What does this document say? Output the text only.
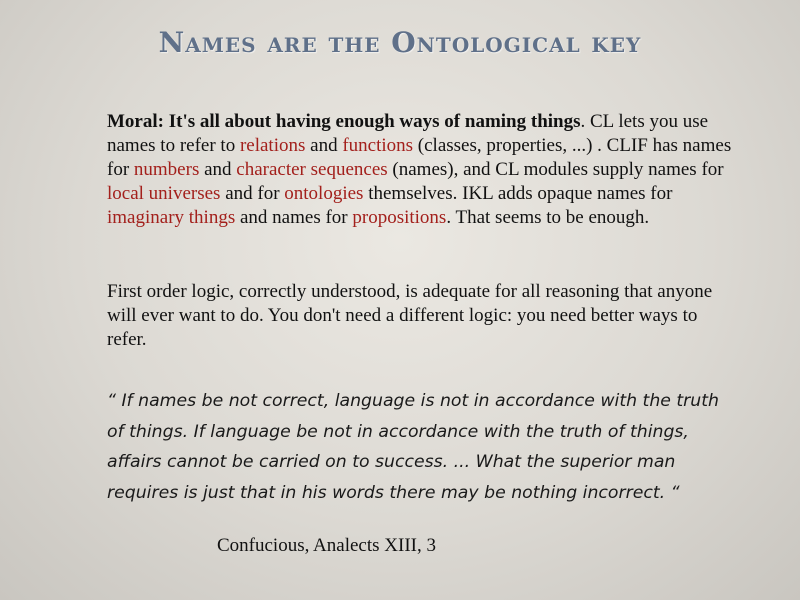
Names are the Ontological key

Moral: It's all about having enough ways of naming things. CL lets you use names to refer to relations and functions (classes, properties, ...) . CLIF has names for numbers and character sequences (names), and CL modules supply names for local universes and for ontologies themselves. IKL adds opaque names for imaginary things and names for propositions. That seems to be enough.

First order logic, correctly understood, is adequate for all reasoning that anyone will ever want to do. You don't need a different logic: you need better ways to refer.

“ If names be not correct, language is not in accordance with the truth of things. If language be not in accordance with the truth of things, affairs cannot be carried on to success. ... What the superior man requires is just that in his words there may be nothing incorrect. “

Confucious, Analects XIII, 3
